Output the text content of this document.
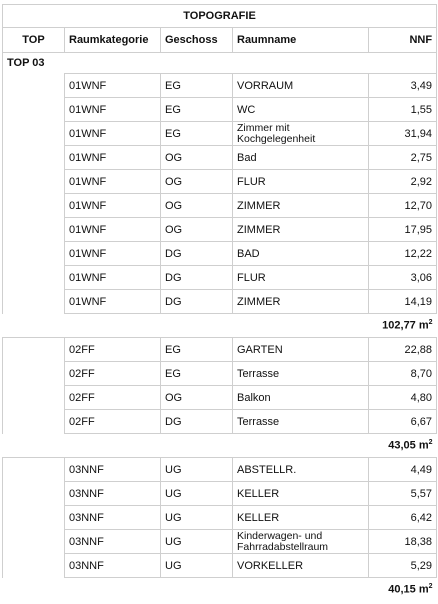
TOPOGRAFIE				
TOP	Raumkategorie	Geschoss	Raumname	NNF
TOP 03				
	01WNF	EG	VORRAUM	3,49
	01WNF	EG	WC	1,55
	01WNF	EG	Zimmer mit Kochgelegenheit	31,94
	01WNF	OG	Bad	2,75
	01WNF	OG	FLUR	2,92
	01WNF	OG	ZIMMER	12,70
	01WNF	OG	ZIMMER	17,95
	01WNF	DG	BAD	12,22
	01WNF	DG	FLUR	3,06
	01WNF	DG	ZIMMER	14,19
				102,77 $m^2$
	02FF	EG	GARTEN	22,88
	02FF	EG	Terrasse	8,70
	02FF	OG	Balkon	4,80
	02FF	DG	Terrasse	6,67
				43,05 $m^2$
	03NNF	UG	ABSTELLR.	4,49
	03NNF	UG	KELLER	5,57
	03NNF	UG	KELLER	6,42
	03NNF	UG	Kinderwagen- und Fahrradabstellraum	18,38
	03NNF	UG	VORKELLER	5,29
				40,15 $m^2$
